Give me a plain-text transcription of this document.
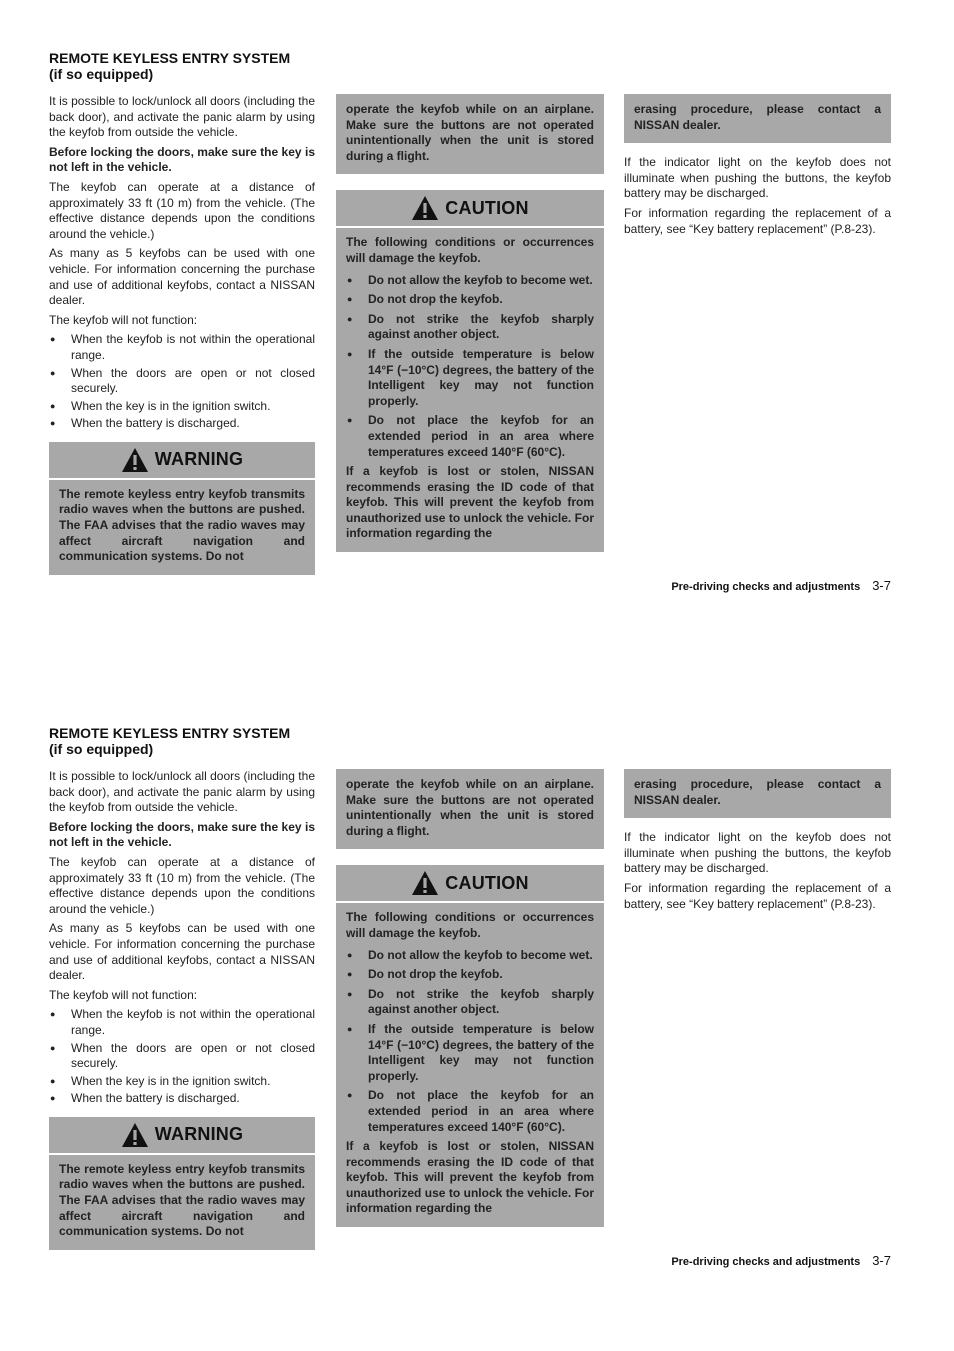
REMOTE KEYLESS ENTRY SYSTEM
(if so equipped)

It is possible to lock/unlock all doors (including the back door), and activate the panic alarm by using the keyfob from outside the vehicle.

Before locking the doors, make sure the key is not left in the vehicle.

The keyfob can operate at a distance of approximately 33 ft (10 m) from the vehicle. (The effective distance depends upon the conditions around the vehicle.)

As many as 5 keyfobs can be used with one vehicle. For information concerning the purchase and use of additional keyfobs, contact a NISSAN dealer.

The keyfob will not function:

● When the keyfob is not within the operational range.
● When the doors are open or not closed securely.
● When the key is in the ignition switch.
● When the battery is discharged.
WARNING

The remote keyless entry keyfob transmits radio waves when the buttons are pushed. The FAA advises that the radio waves may affect aircraft navigation and communication systems. Do not

operate the keyfob while on an airplane. Make sure the buttons are not operated unintentionally when the unit is stored during a flight.

CAUTION

The following conditions or occurrences will damage the keyfob.

● Do not allow the keyfob to become wet.
● Do not drop the keyfob.
● Do not strike the keyfob sharply against another object.
● If the outside temperature is below 14°F (−10°C) degrees, the battery of the Intelligent key may not function properly.
● Do not place the keyfob for an extended period in an area where temperatures exceed 140°F (60°C).

If a keyfob is lost or stolen, NISSAN recommends erasing the ID code of that keyfob. This will prevent the keyfob from unauthorized use to unlock the vehicle. For information regarding the

erasing procedure, please contact a NISSAN dealer.

If the indicator light on the keyfob does not illuminate when pushing the buttons, the keyfob battery may be discharged.

For information regarding the replacement of a battery, see “Key battery replacement” (P.8-23).

Pre-driving checks and adjustments 3-7
REMOTE KEYLESS ENTRY SYSTEM
(if so equipped)

It is possible to lock/unlock all doors (including the back door), and activate the panic alarm by using the keyfob from outside the vehicle.

Before locking the doors, make sure the key is not left in the vehicle.

The keyfob can operate at a distance of approximately 33 ft (10 m) from the vehicle. (The effective distance depends upon the conditions around the vehicle.)

As many as 5 keyfobs can be used with one vehicle. For information concerning the purchase and use of additional keyfobs, contact a NISSAN dealer.

The keyfob will not function:

● When the keyfob is not within the operational range.
● When the doors are open or not closed securely.
● When the key is in the ignition switch.
● When the battery is discharged.
WARNING

The remote keyless entry keyfob transmits radio waves when the buttons are pushed. The FAA advises that the radio waves may affect aircraft navigation and communication systems. Do not

operate the keyfob while on an airplane. Make sure the buttons are not operated unintentionally when the unit is stored during a flight.

CAUTION

The following conditions or occurrences will damage the keyfob.

● Do not allow the keyfob to become wet.
● Do not drop the keyfob.
● Do not strike the keyfob sharply against another object.
● If the outside temperature is below 14°F (−10°C) degrees, the battery of the Intelligent key may not function properly.
● Do not place the keyfob for an extended period in an area where temperatures exceed 140°F (60°C).

If a keyfob is lost or stolen, NISSAN recommends erasing the ID code of that keyfob. This will prevent the keyfob from unauthorized use to unlock the vehicle. For information regarding the

erasing procedure, please contact a NISSAN dealer.

If the indicator light on the keyfob does not illuminate when pushing the buttons, the keyfob battery may be discharged.

For information regarding the replacement of a battery, see “Key battery replacement” (P.8-23).

Pre-driving checks and adjustments 3-7
